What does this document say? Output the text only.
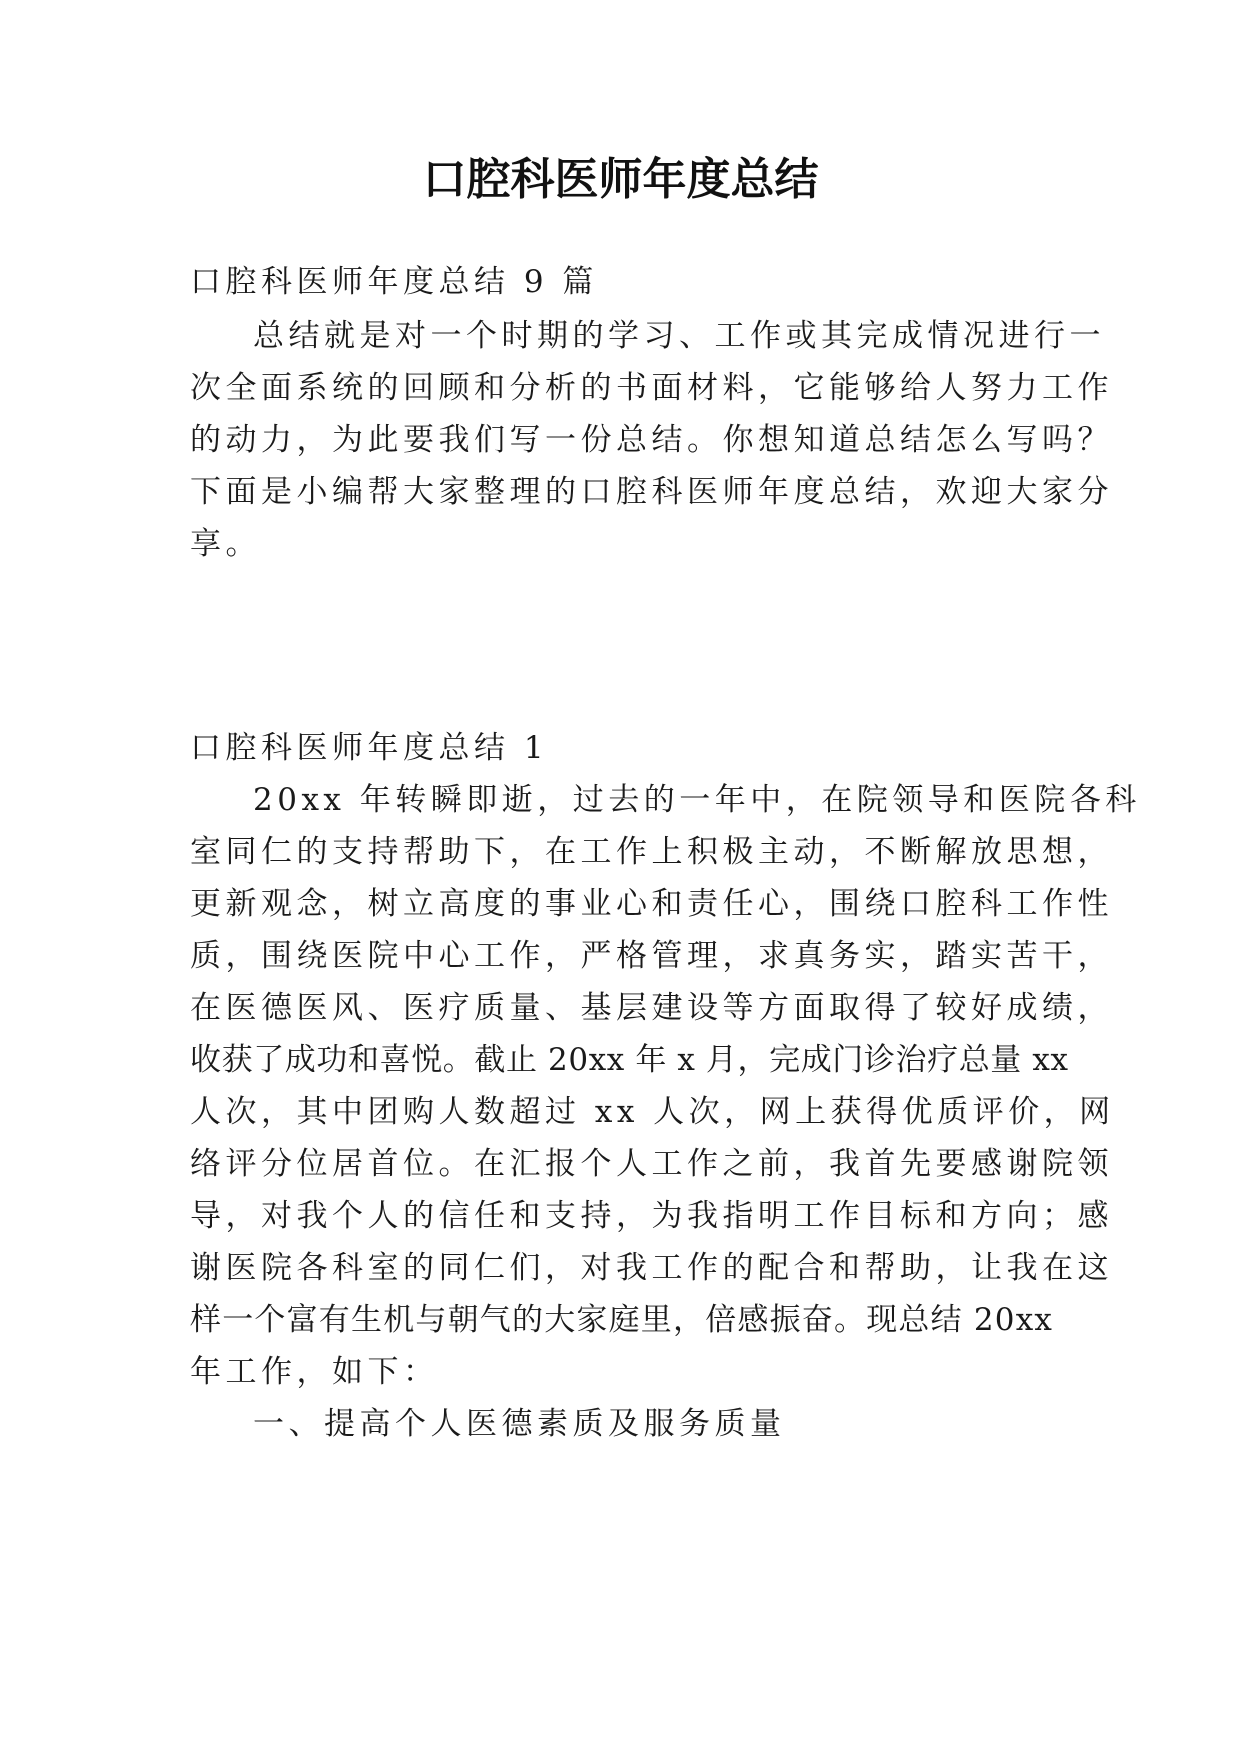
口腔科医师年度总结

口腔科医师年度总结 9 篇

总结就是对一个时期的学习、工作或其完成情况进行一

次全面系统的回顾和分析的书面材料，它能够给人努力工作

的动力，为此要我们写一份总结。你想知道总结怎么写吗？

下面是小编帮大家整理的口腔科医师年度总结，欢迎大家分

享。

口腔科医师年度总结 1

20xx 年转瞬即逝，过去的一年中，在院领导和医院各科

室同仁的支持帮助下，在工作上积极主动，不断解放思想，

更新观念，树立高度的事业心和责任心，围绕口腔科工作性

质，围绕医院中心工作，严格管理，求真务实，踏实苦干，

在医德医风、医疗质量、基层建设等方面取得了较好成绩，

收获了成功和喜悦。截止 20xx 年 x 月，完成门诊治疗总量 xx

人次，其中团购人数超过 xx 人次，网上获得优质评价，网

络评分位居首位。在汇报个人工作之前，我首先要感谢院领

导，对我个人的信任和支持，为我指明工作目标和方向；感

谢医院各科室的同仁们，对我工作的配合和帮助，让我在这

样一个富有生机与朝气的大家庭里，倍感振奋。现总结 20xx

年工作，如下：

一、提高个人医德素质及服务质量
